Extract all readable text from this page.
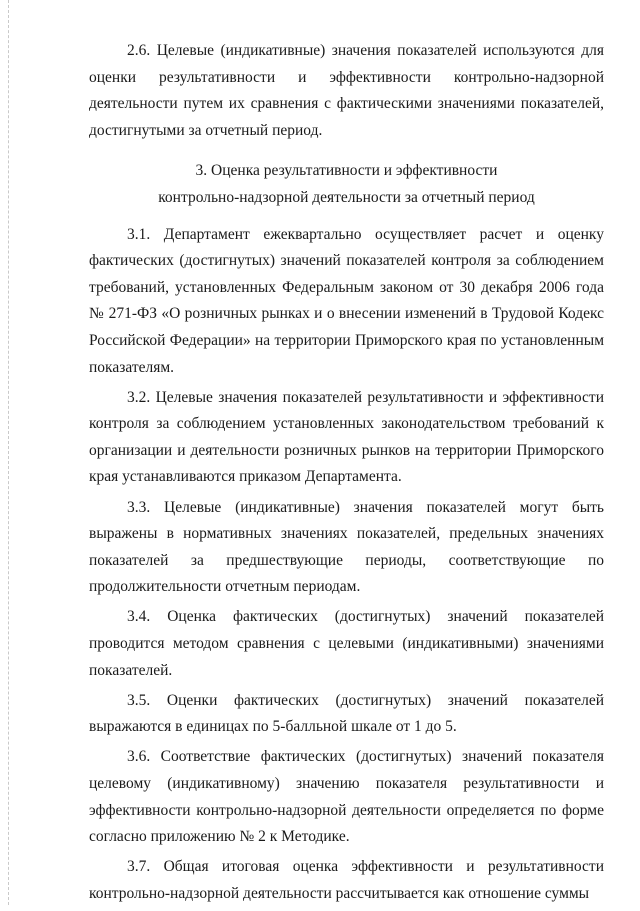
2.6. Целевые (индикативные) значения показателей используются для оценки результативности и эффективности контрольно-надзорной деятельности путем их сравнения с фактическими значениями показателей, достигнутыми за отчетный период.

3. Оценка результативности и эффективности
контрольно-надзорной деятельности за отчетный период

3.1. Департамент ежеквартально осуществляет расчет и оценку фактических (достигнутых) значений показателей контроля за соблюдением требований, установленных Федеральным законом от 30 декабря 2006 года № 271-ФЗ «О розничных рынках и о внесении изменений в Трудовой Кодекс Российской Федерации» на территории Приморского края по установленным показателям.

3.2. Целевые значения показателей результативности и эффективности контроля за соблюдением установленных законодательством требований к организации и деятельности розничных рынков на территории Приморского края устанавливаются приказом Департамента.

3.3. Целевые (индикативные) значения показателей могут быть выражены в нормативных значениях показателей, предельных значениях показателей за предшествующие периоды, соответствующие по продолжительности отчетным периодам.

3.4. Оценка фактических (достигнутых) значений показателей проводится методом сравнения с целевыми (индикативными) значениями показателей.

3.5. Оценки фактических (достигнутых) значений показателей выражаются в единицах по 5-балльной шкале от 1 до 5.

3.6. Соответствие фактических (достигнутых) значений показателя целевому (индикативному) значению показателя результативности и эффективности контрольно-надзорной деятельности определяется по форме согласно приложению № 2 к Методике.

3.7. Общая итоговая оценка эффективности и результативности контрольно-надзорной деятельности рассчитывается как отношение суммы
